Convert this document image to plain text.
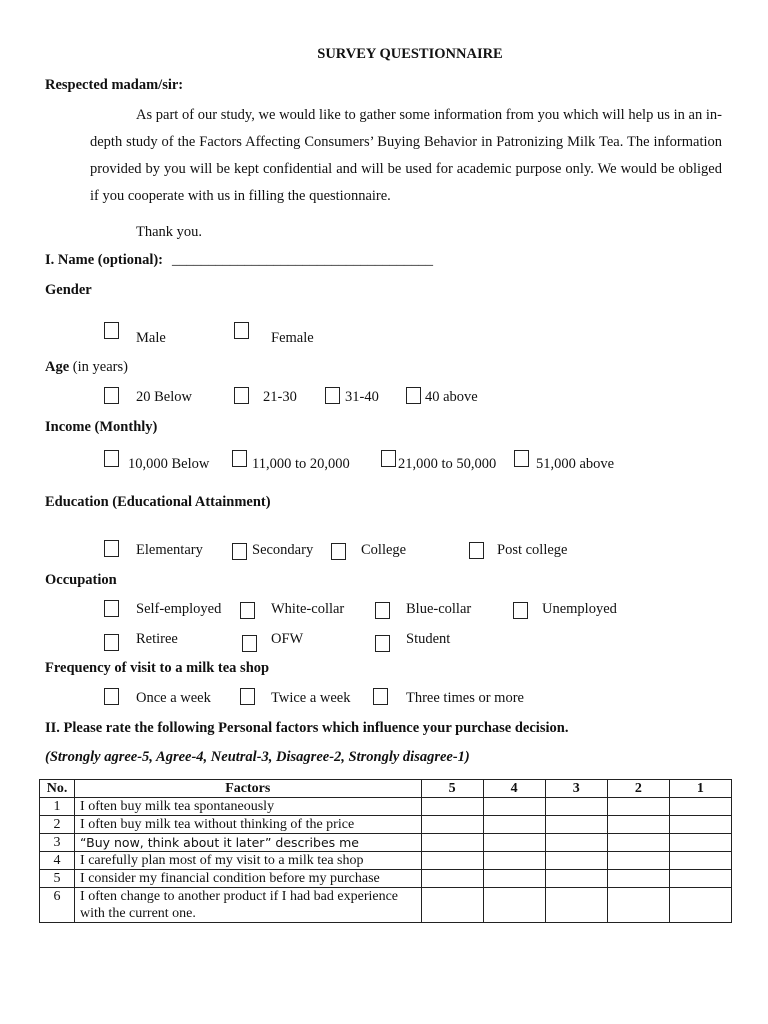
SURVEY QUESTIONNAIRE
Respected madam/sir:
As part of our study, we would like to gather some information from you which will help us in an in-depth study of the Factors Affecting Consumers’ Buying Behavior in Patronizing Milk Tea. The information provided by you will be kept confidential and will be used for academic purpose only. We would be obliged if you cooperate with us in filling the questionnaire.
Thank you.
I. Name (optional): ____________________________________
Gender
Male	Female
Age (in years)
20 Below	21-30	31-40	40 above
Income (Monthly)
10,000 Below	11,000 to 20,000	21,000 to 50,000	51,000 above
Education (Educational Attainment)
Elementary	Secondary	College	Post college
Occupation
Self-employed	White-collar	Blue-collar	Unemployed
Retiree	OFW	Student
Frequency of visit to a milk tea shop
Once a week	Twice a week	Three times or more
II. Please rate the following Personal factors which influence your purchase decision.
(Strongly agree-5, Agree-4, Neutral-3, Disagree-2, Strongly disagree-1)
No.	Factors	5	4	3	2	1
1	I often buy milk tea spontaneously					
2	I often buy milk tea without thinking of the price					
3	“Buy now, think about it later” describes me					
4	I carefully plan most of my visit to a milk tea shop					
5	I consider my financial condition before my purchase					
6	I often change to another product if I had bad experience with the current one.					
